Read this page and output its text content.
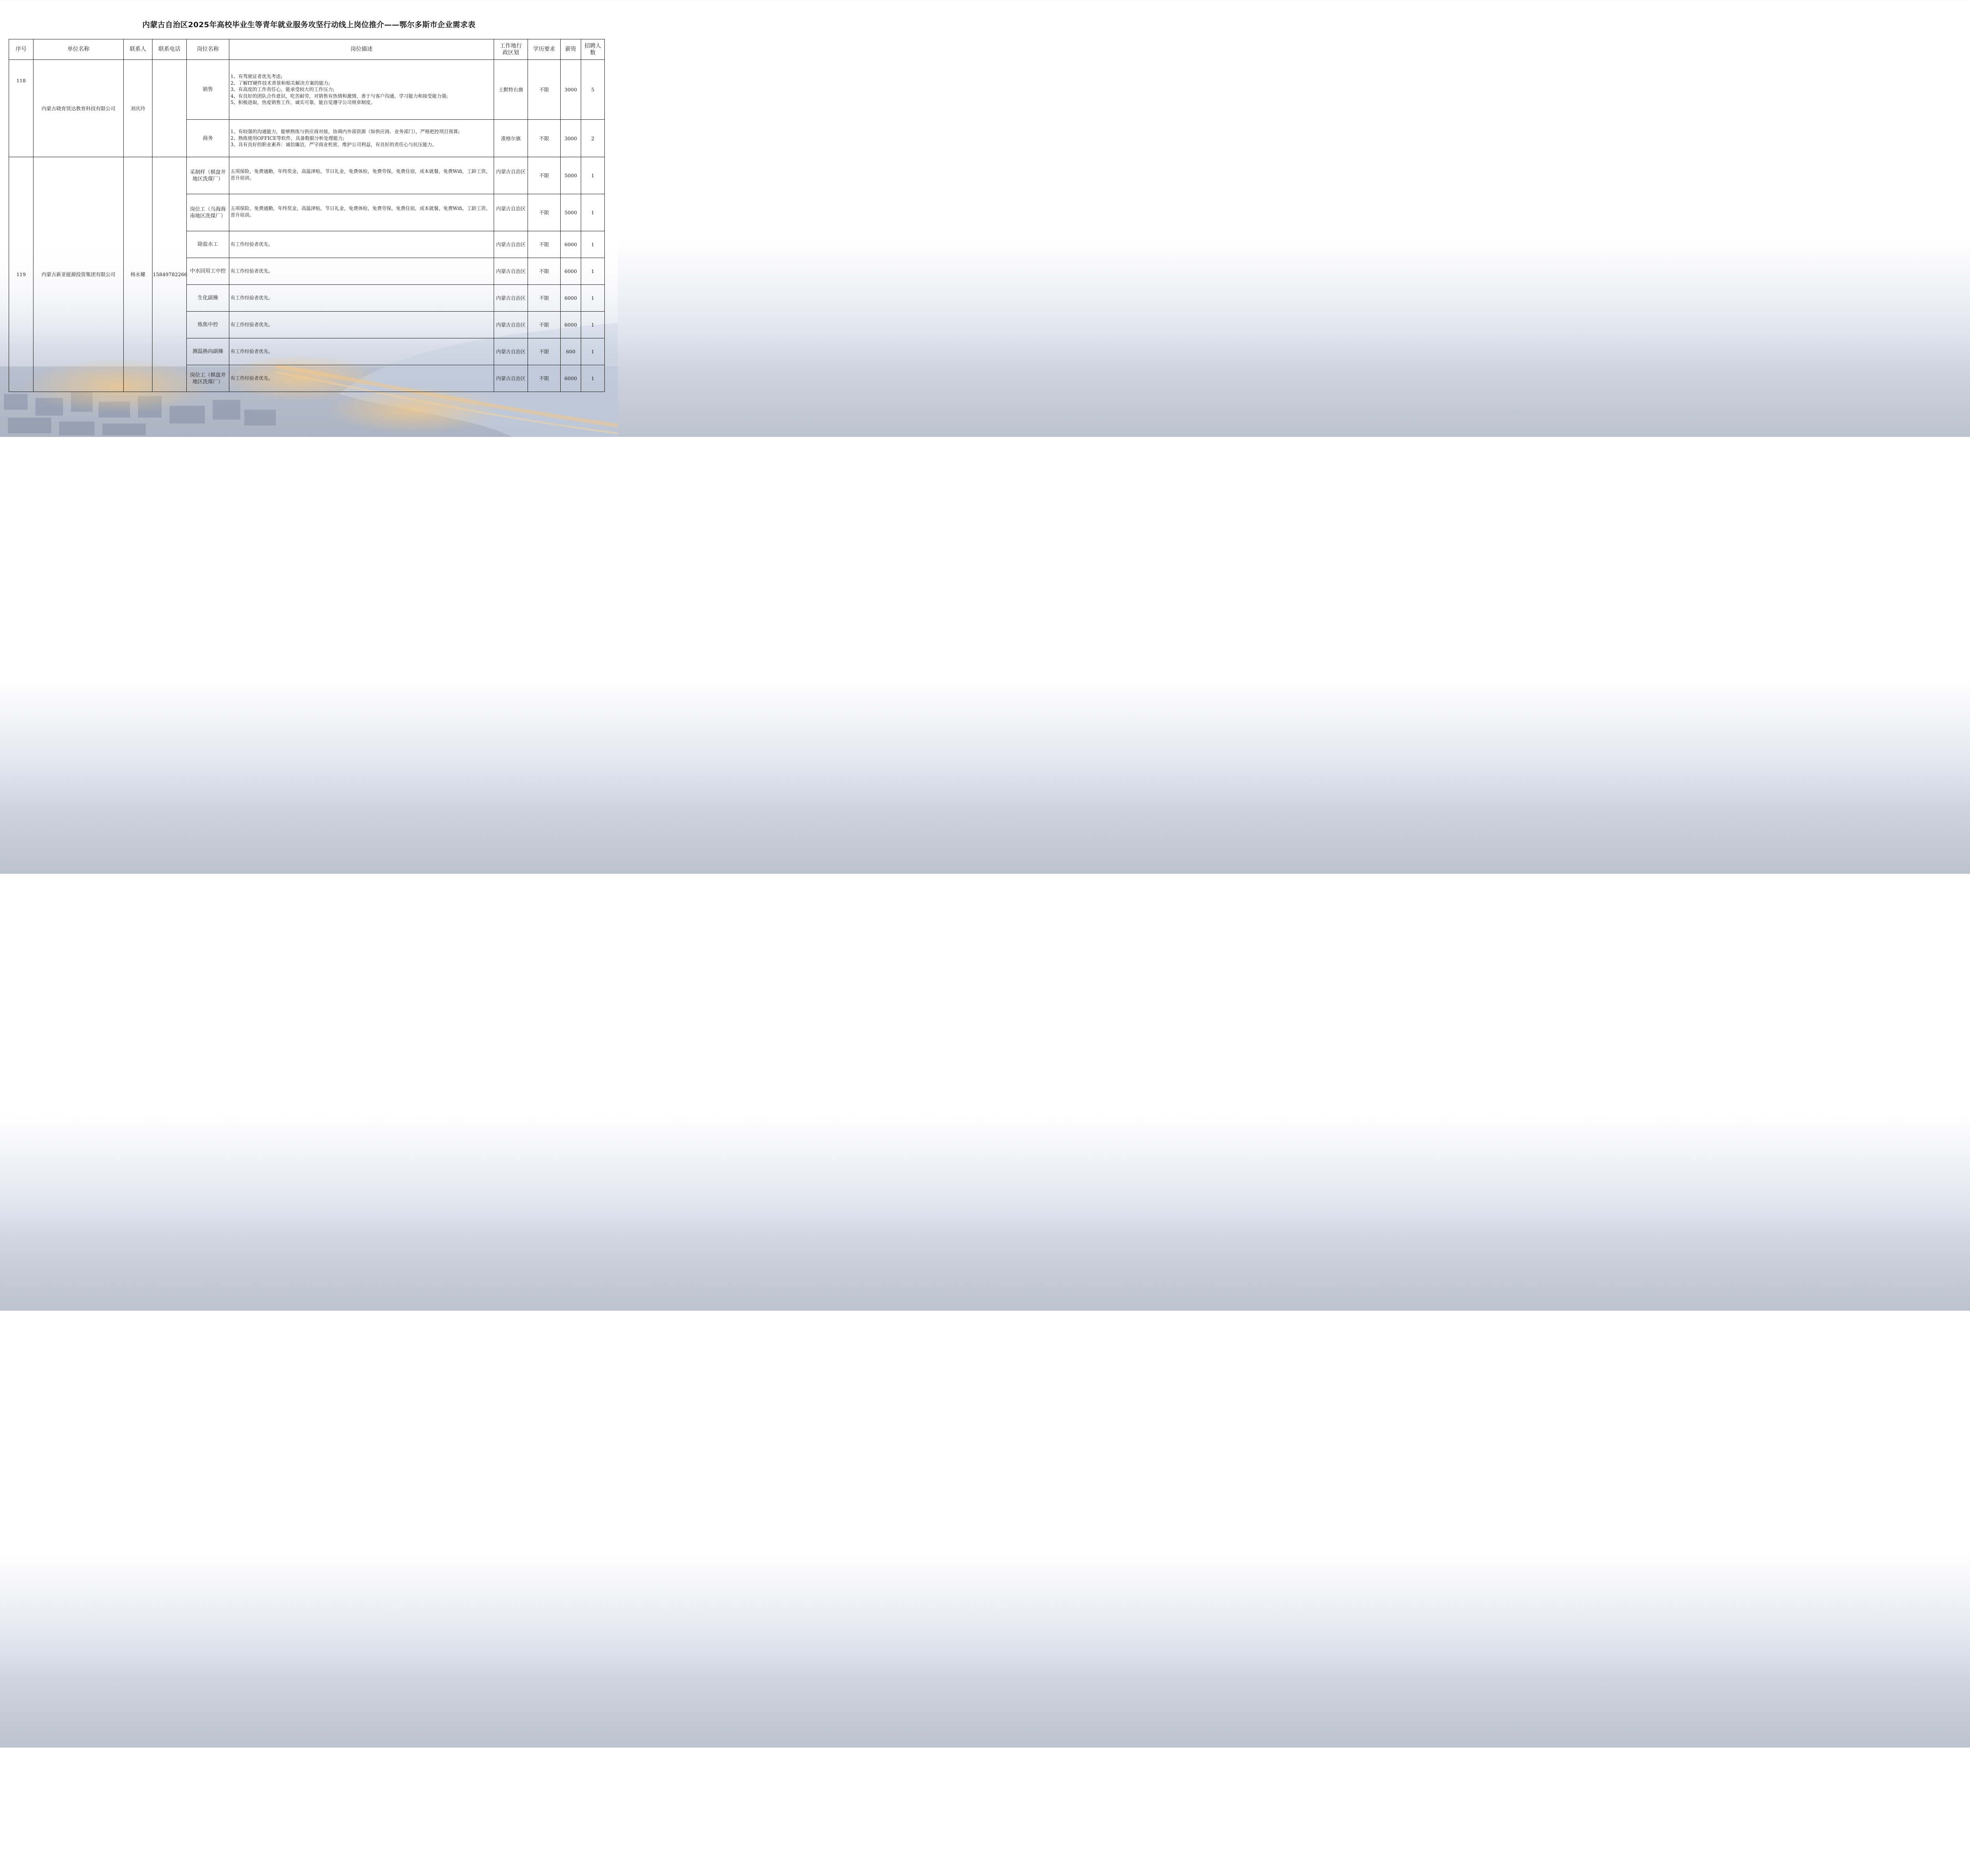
内蒙古自治区2025年高校毕业生等青年就业服务攻坚行动线上岗位推介——鄂尔多斯市企业需求表
序号	单位名称	联系人	联系电话	岗位名称	岗位描述	工作地行政区划	学历要求	薪资	招聘人数

118	内蒙古晓育贤达教育科技有限公司	刘庆玲		销售	1、有驾驶证者优先考虑;
2、了解IT硬件技术背景和相关解决方案的能力;
3、有高度的工作责任心，能承受较大的工作压力;
4、有良好的团队合作意识，吃苦耐劳，对销售有热情和激情，善于与客户沟通，学习能力和接受能力强;
5、积极进取，热爱销售工作，诚实可靠，能自觉遵守公司规章制度。	土默特右旗	不限	3000	5
				商务	1、有较强的沟通能力，能够熟练与供应商对接，协调内外部资源（如供应商、业务部门），严格把控项目预算;
2、熟练使用OFFICE等软件，具备数据分析处理能力;
3、具有良好的职业素养：诚信廉洁，严守商业机密，维护公司利益，有良好的责任心与抗压能力。	准格尔旗	不限	3000	2
119	内蒙古新亚能源投资集团有限公司	杨永耀	15849782266	采制样（棋盘井地区洗煤厂）	五项保险，免费通勤，年终奖金，高温津贴，节日礼金，免费体检，免费劳保，免费住宿，成本就餐，免费Wifi，工龄工资，晋升培训。	内蒙古自治区	不限	5000	1
				岗位工（乌海海南地区洗煤厂）	五项保险，免费通勤，年终奖金，高温津贴，节日礼金，免费体检，免费劳保，免费住宿，成本就餐，免费Wifi，工龄工资，晋升培训。	内蒙古自治区	不限	5000	1
				除盐水工	有工作经验者优先。	内蒙古自治区	不限	6000	1
				中水回用工中控	有工作经验者优先。	内蒙古自治区	不限	6000	1
				生化副操	有工作经验者优先。	内蒙古自治区	不限	6000	1
				炼焦中控	有工作经验者优先。	内蒙古自治区	不限	6000	1
				测温换向副操	有工作经验者优先。	内蒙古自治区	不限	600	1
				岗位工（棋盘井地区洗煤厂）	有工作经验者优先。	内蒙古自治区	不限	6000	1
